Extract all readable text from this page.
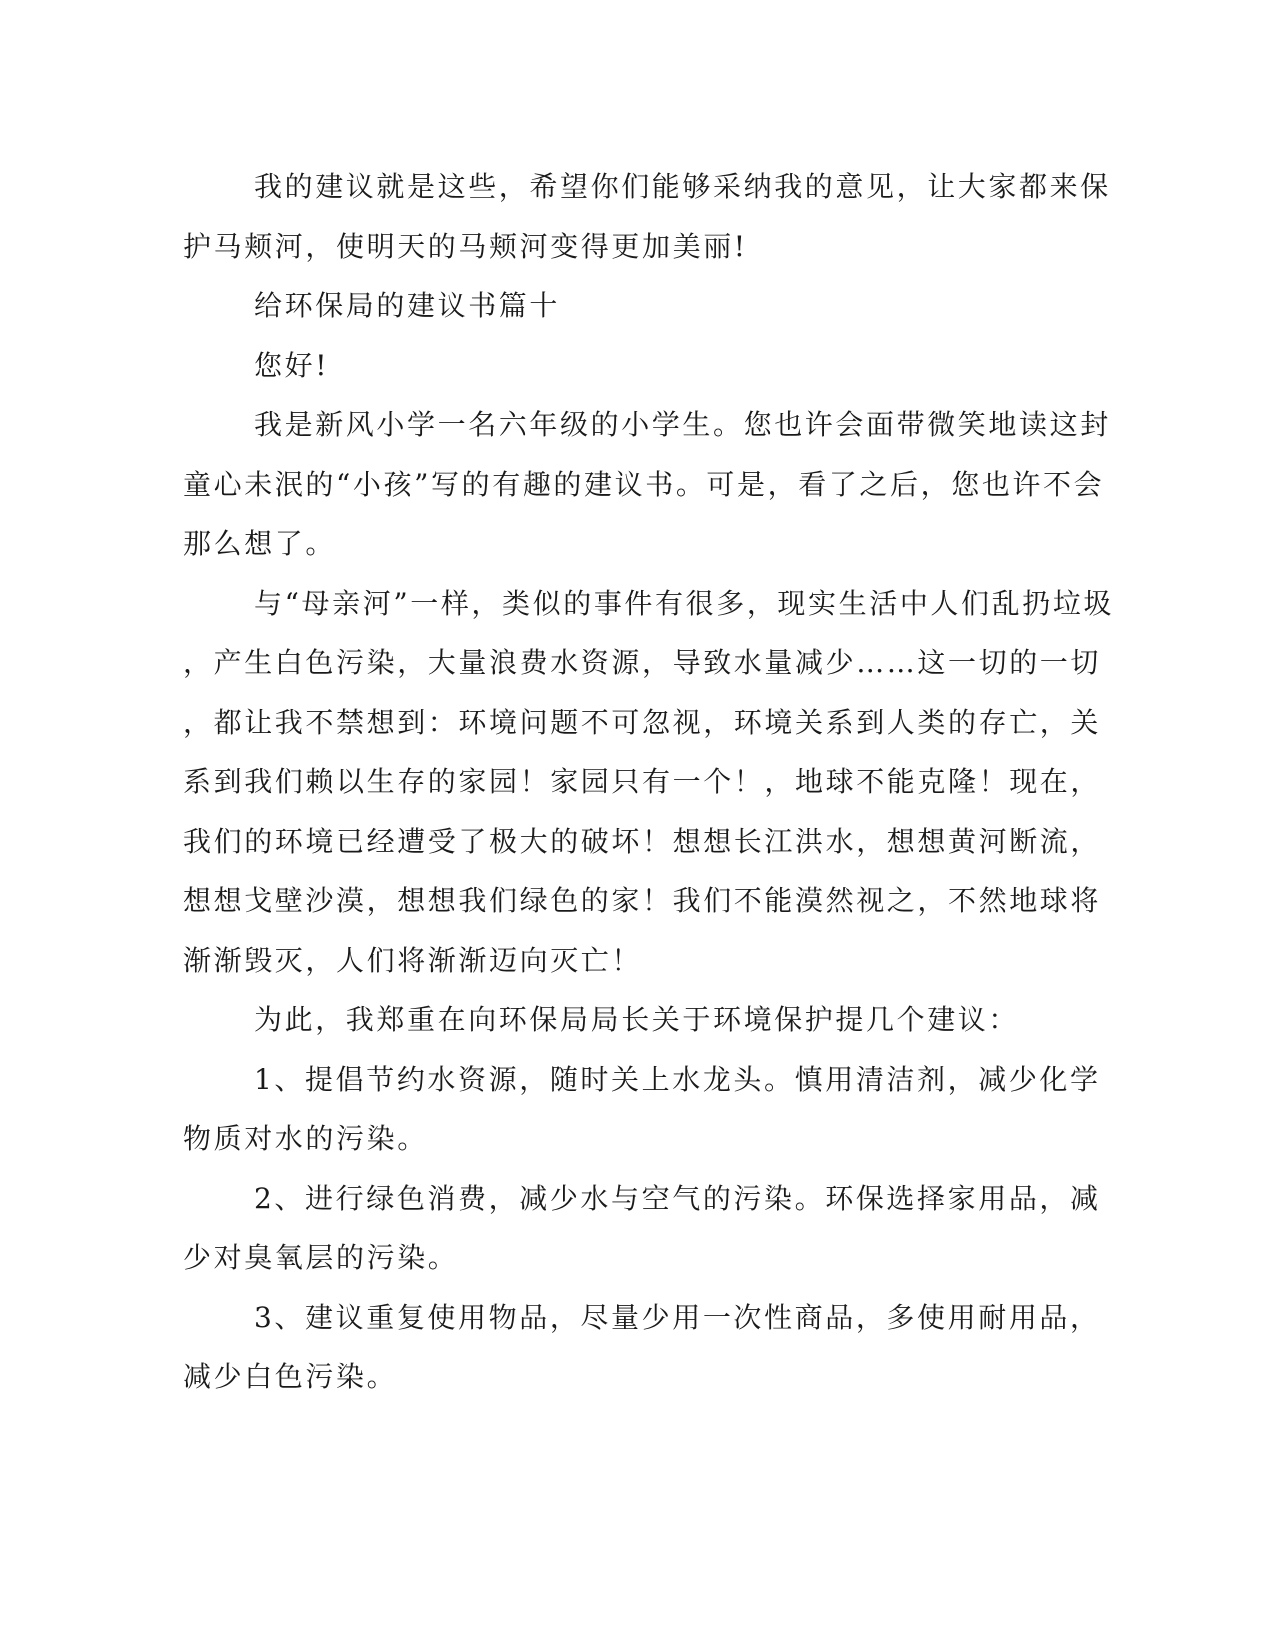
我的建议就是这些，希望你们能够采纳我的意见，让大家都来保
护马颊河，使明天的马颊河变得更加美丽!
给环保局的建议书篇十
您好!
我是新风小学一名六年级的小学生。您也许会面带微笑地读这封
童心未泯的“小孩”写的有趣的建议书。可是，看了之后，您也许不会
那么想了。
与“母亲河”一样，类似的事件有很多，现实生活中人们乱扔垃圾
，产生白色污染，大量浪费水资源，导致水量减少……这一切的一切
，都让我不禁想到：环境问题不可忽视，环境关系到人类的存亡，关
系到我们赖以生存的家园！家园只有一个！，地球不能克隆！现在，
我们的环境已经遭受了极大的破坏！想想长江洪水，想想黄河断流，
想想戈壁沙漠，想想我们绿色的家！我们不能漠然视之，不然地球将
渐渐毁灭，人们将渐渐迈向灭亡！
为此，我郑重在向环保局局长关于环境保护提几个建议：
1、提倡节约水资源，随时关上水龙头。慎用清洁剂，减少化学
物质对水的污染。
2、进行绿色消费，减少水与空气的污染。环保选择家用品，减
少对臭氧层的污染。
3、建议重复使用物品，尽量少用一次性商品，多使用耐用品，
减少白色污染。
